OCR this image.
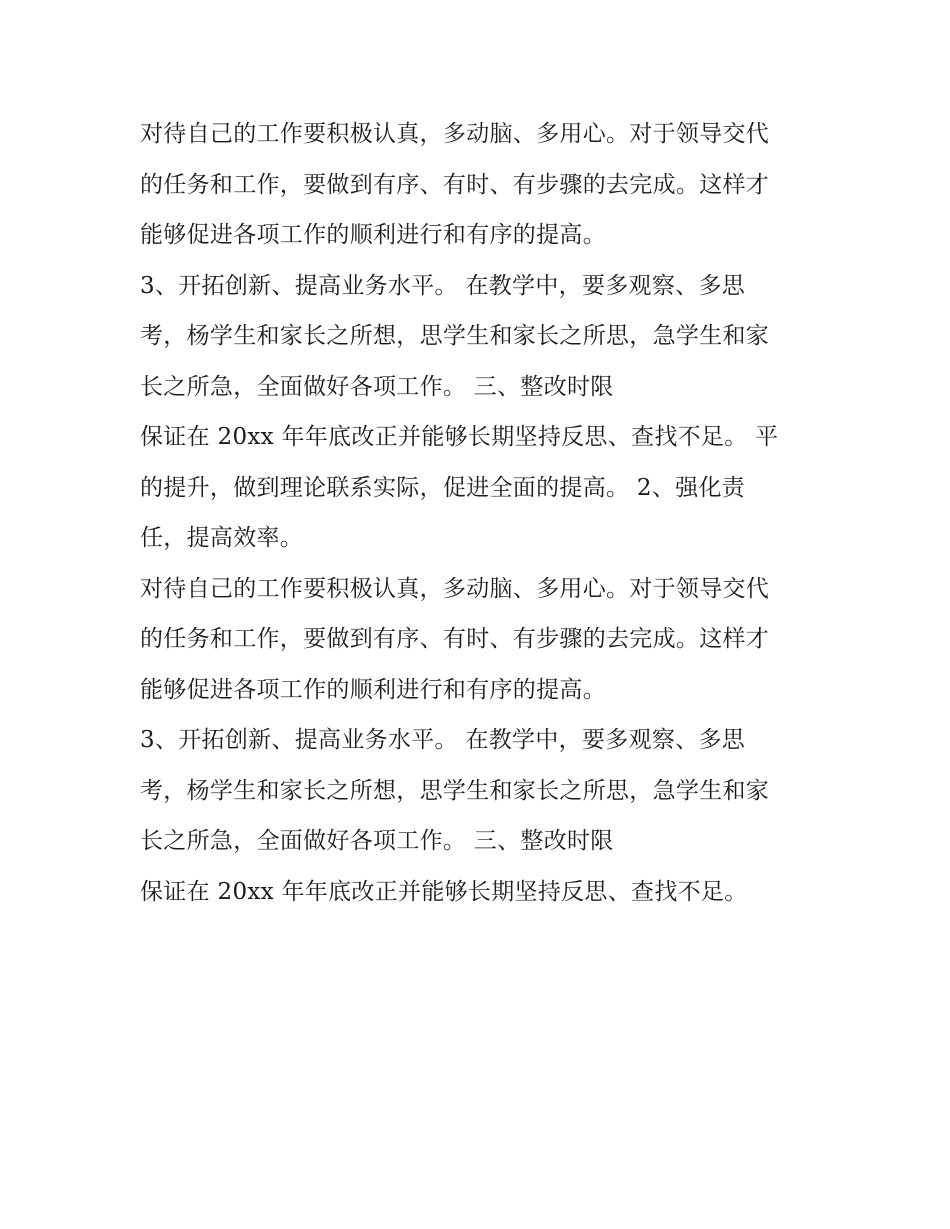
对待自己的工作要积极认真，多动脑、多用心。对于领导交代
的任务和工作，要做到有序、有时、有步骤的去完成。这样才
能够促进各项工作的顺利进行和有序的提高。
3、开拓创新、提高业务水平。 在教学中，要多观察、多思
考，杨学生和家长之所想，思学生和家长之所思，急学生和家
长之所急，全面做好各项工作。 三、整改时限
保证在 20xx 年年底改正并能够长期坚持反思、查找不足。 平
的提升，做到理论联系实际，促进全面的提高。 2、强化责
任，提高效率。
对待自己的工作要积极认真，多动脑、多用心。对于领导交代
的任务和工作，要做到有序、有时、有步骤的去完成。这样才
能够促进各项工作的顺利进行和有序的提高。
3、开拓创新、提高业务水平。 在教学中，要多观察、多思
考，杨学生和家长之所想，思学生和家长之所思，急学生和家
长之所急，全面做好各项工作。 三、整改时限
保证在 20xx 年年底改正并能够长期坚持反思、查找不足。
